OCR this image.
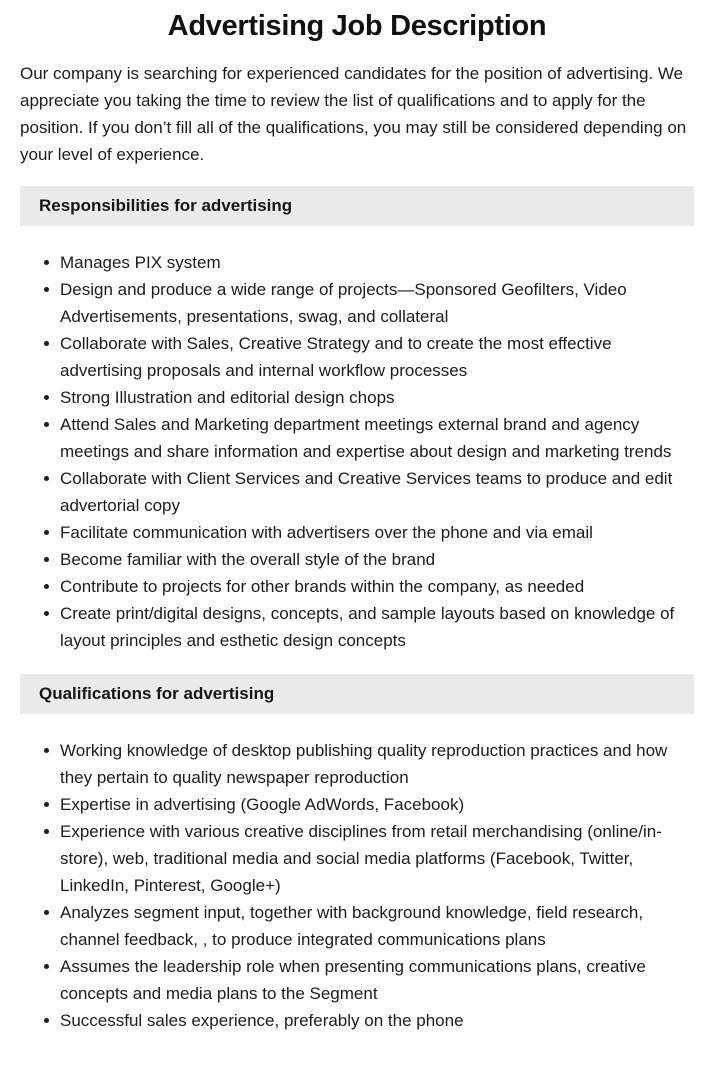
Advertising Job Description

Our company is searching for experienced candidates for the position of advertising. We appreciate you taking the time to review the list of qualifications and to apply for the position. If you don’t fill all of the qualifications, you may still be considered depending on your level of experience.

Responsibilities for advertising
Manages PIX system
Design and produce a wide range of projects—Sponsored Geofilters, Video Advertisements, presentations, swag, and collateral
Collaborate with Sales, Creative Strategy and to create the most effective advertising proposals and internal workflow processes
Strong Illustration and editorial design chops
Attend Sales and Marketing department meetings external brand and agency meetings and share information and expertise about design and marketing trends
Collaborate with Client Services and Creative Services teams to produce and edit advertorial copy
Facilitate communication with advertisers over the phone and via email
Become familiar with the overall style of the brand
Contribute to projects for other brands within the company, as needed
Create print/digital designs, concepts, and sample layouts based on knowledge of layout principles and esthetic design concepts
Qualifications for advertising
Working knowledge of desktop publishing quality reproduction practices and how they pertain to quality newspaper reproduction
Expertise in advertising (Google AdWords, Facebook)
Experience with various creative disciplines from retail merchandising (online/in-store), web, traditional media and social media platforms (Facebook, Twitter, LinkedIn, Pinterest, Google+)
Analyzes segment input, together with background knowledge, field research, channel feedback, , to produce integrated communications plans
Assumes the leadership role when presenting communications plans, creative concepts and media plans to the Segment
Successful sales experience, preferably on the phone
